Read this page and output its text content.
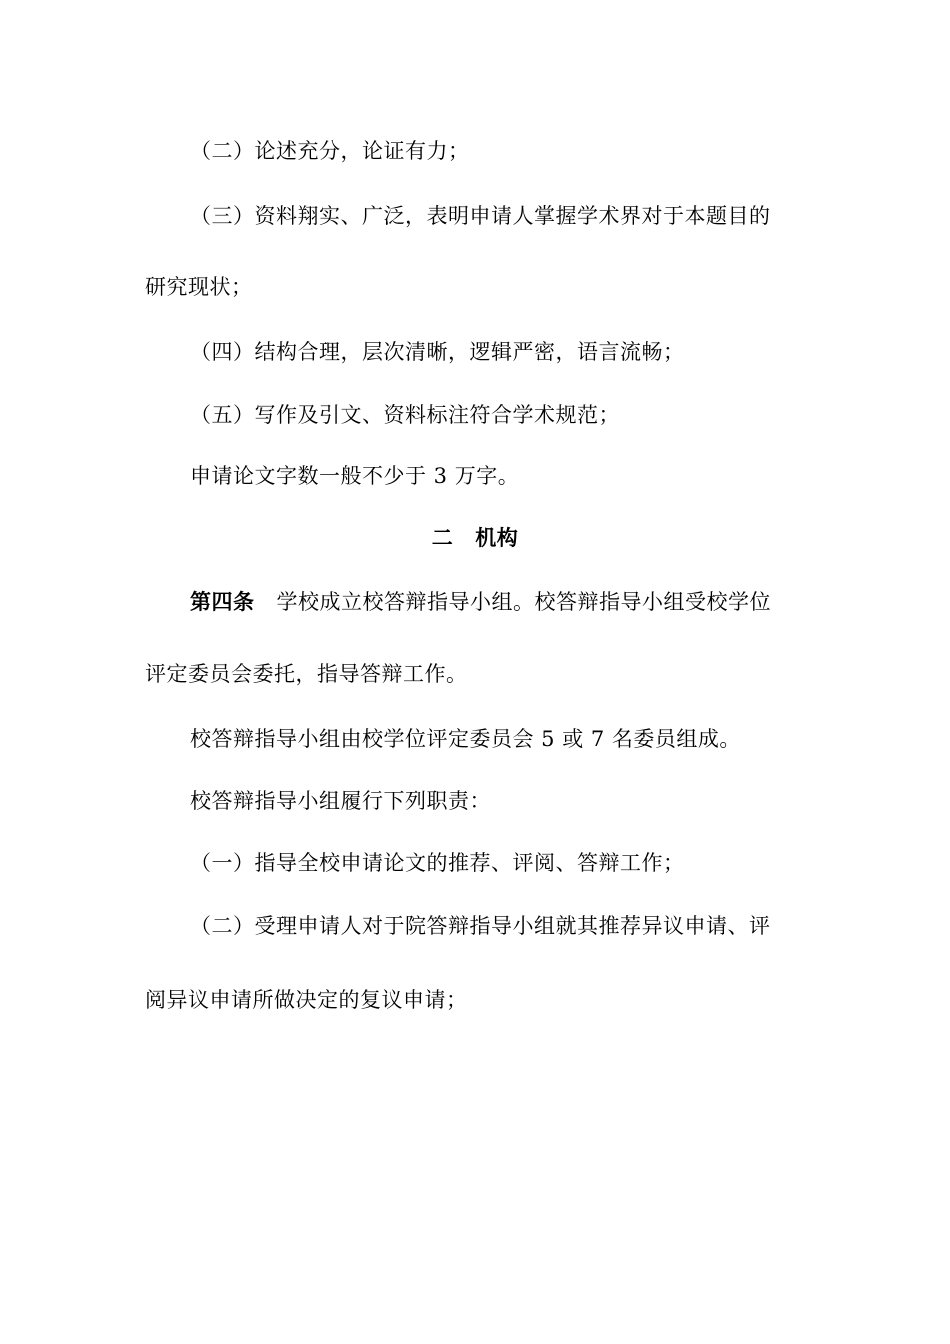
（二）论述充分，论证有力；
（三）资料翔实、广泛，表明申请人掌握学术界对于本题目的
研究现状；
（四）结构合理，层次清晰，逻辑严密，语言流畅；
（五）写作及引文、资料标注符合学术规范；
申请论文字数一般不少于 3 万字。
二 机构
第四条 学校成立校答辩指导小组。校答辩指导小组受校学位
评定委员会委托，指导答辩工作。
校答辩指导小组由校学位评定委员会 5 或 7 名委员组成。
校答辩指导小组履行下列职责：
（一）指导全校申请论文的推荐、评阅、答辩工作；
（二）受理申请人对于院答辩指导小组就其推荐异议申请、评
阅异议申请所做决定的复议申请；
